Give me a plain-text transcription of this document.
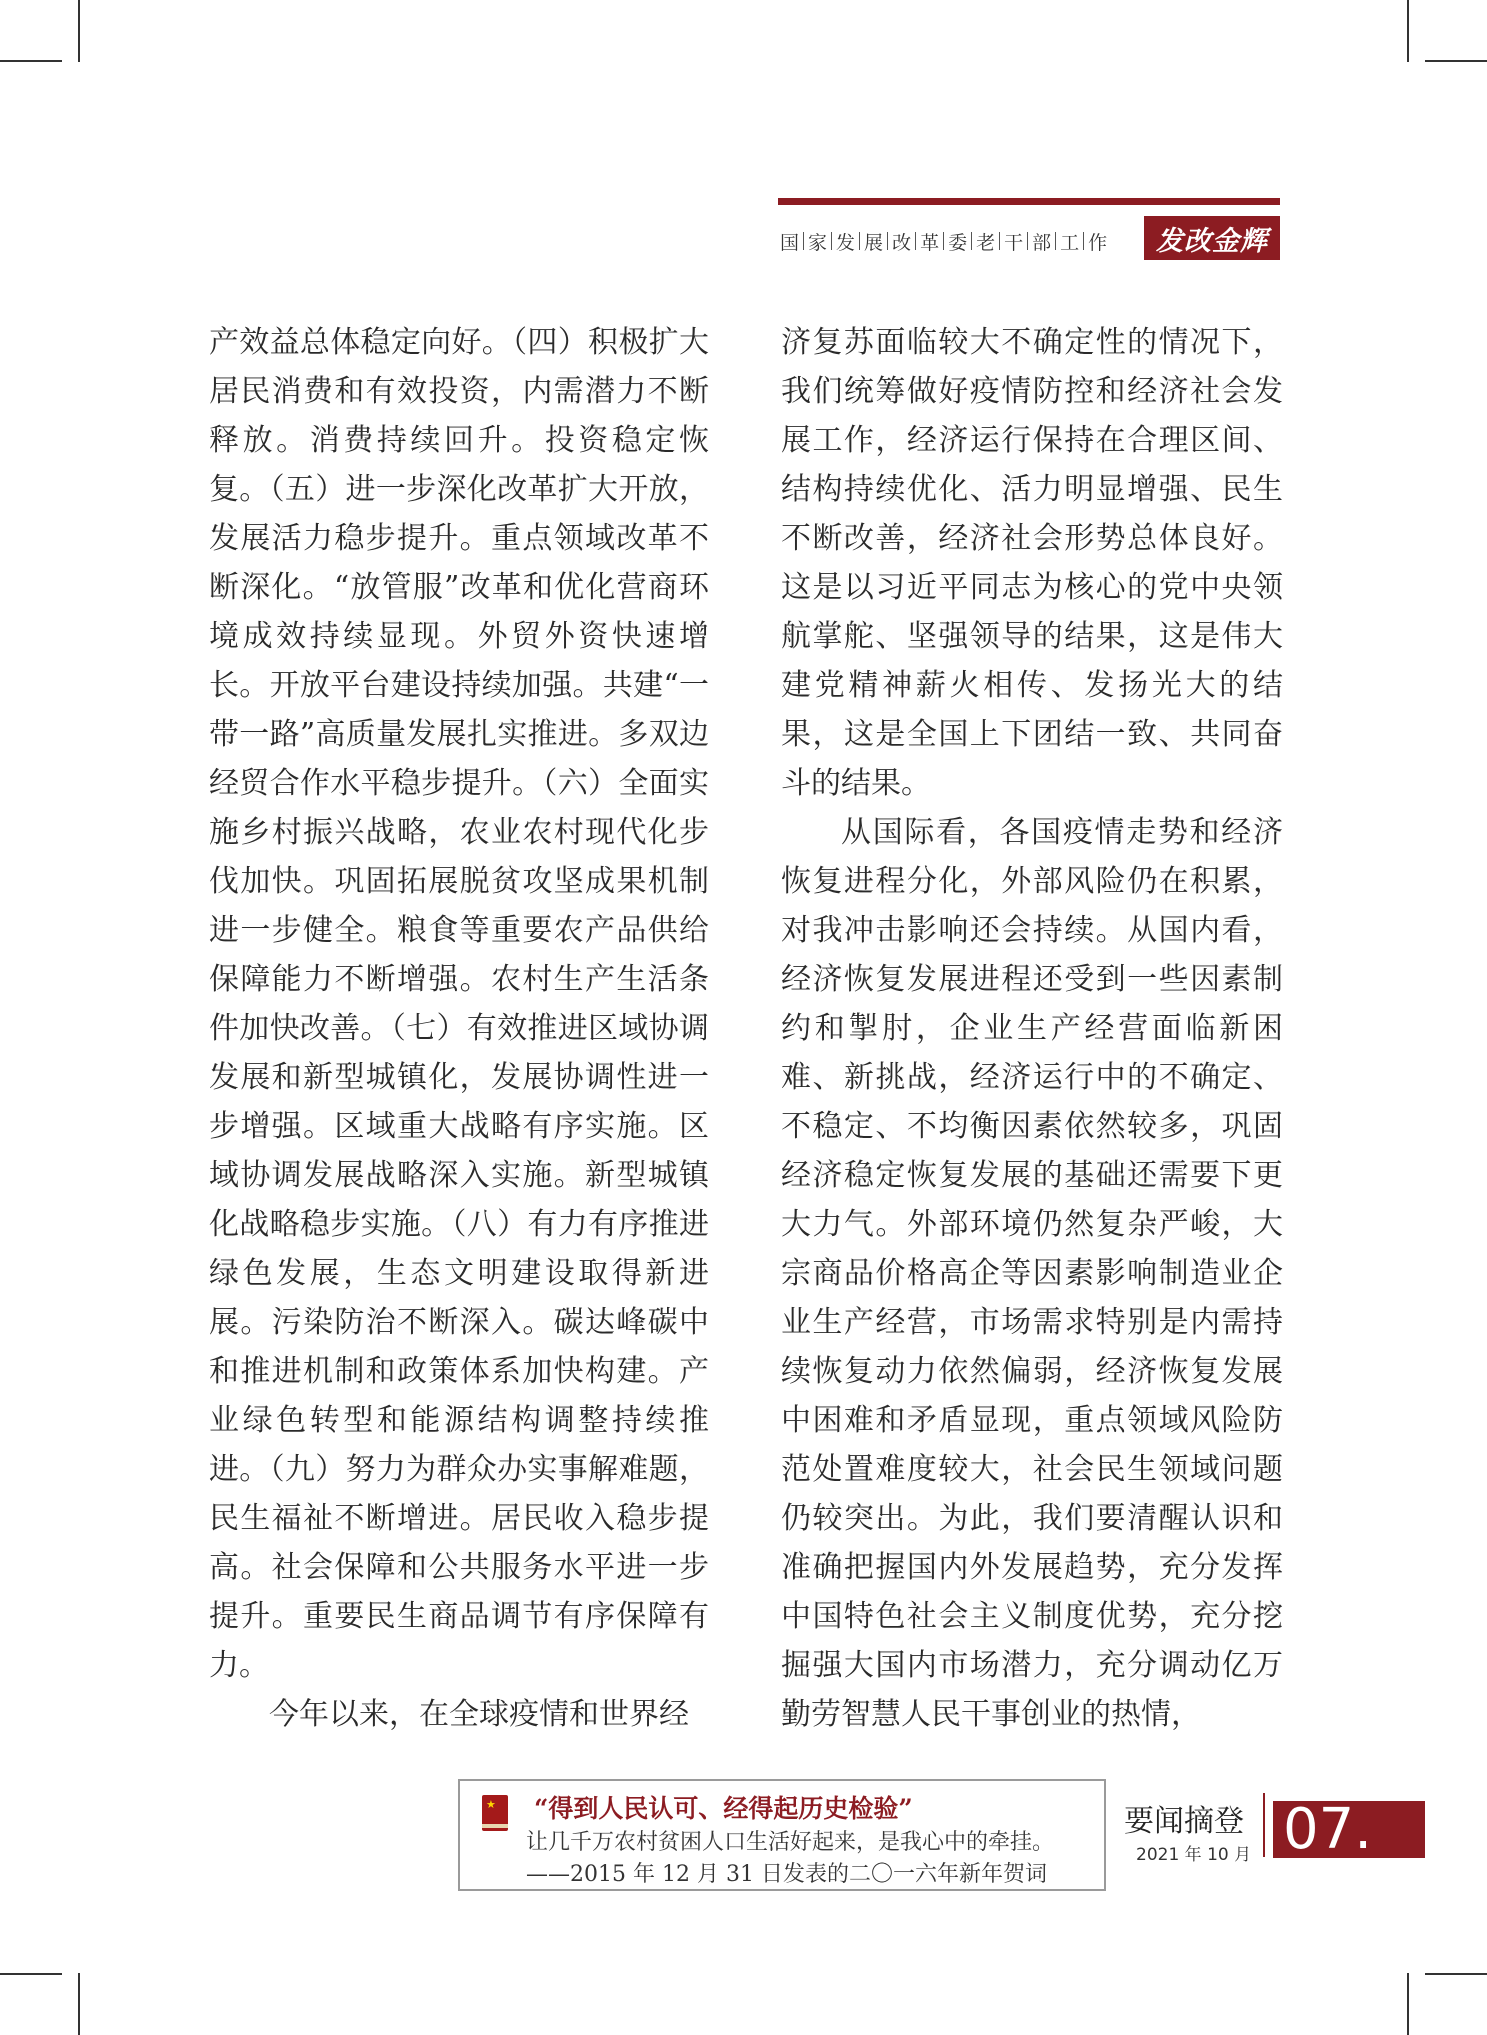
国 家 发 展 改 革 委 老 干 部 工 作	发改金辉

产效益总体稳定向好。（四）积极扩大居民消费和有效投资，内需潜力不断释放。消费持续回升。投资稳定恢复。（五）进一步深化改革扩大开放，发展活力稳步提升。重点领域改革不断深化。“放管服”改革和优化营商环境成效持续显现。外贸外资快速增长。开放平台建设持续加强。共建“一带一路”高质量发展扎实推进。多双边经贸合作水平稳步提升。（六）全面实施乡村振兴战略，农业农村现代化步伐加快。巩固拓展脱贫攻坚成果机制进一步健全。粮食等重要农产品供给保障能力不断增强。农村生产生活条件加快改善。（七）有效推进区域协调发展和新型城镇化，发展协调性进一步增强。区域重大战略有序实施。区域协调发展战略深入实施。新型城镇化战略稳步实施。（八）有力有序推进绿色发展，生态文明建设取得新进展。污染防治不断深入。碳达峰碳中和推进机制和政策体系加快构建。产业绿色转型和能源结构调整持续推进。（九）努力为群众办实事解难题，民生福祉不断增进。居民收入稳步提高。社会保障和公共服务水平进一步提升。重要民生商品调节有序保障有力。

今年以来，在全球疫情和世界经

济复苏面临较大不确定性的情况下，我们统筹做好疫情防控和经济社会发展工作，经济运行保持在合理区间、结构持续优化、活力明显增强、民生不断改善，经济社会形势总体良好。这是以习近平同志为核心的党中央领航掌舵、坚强领导的结果，这是伟大建党精神薪火相传、发扬光大的结果，这是全国上下团结一致、共同奋斗的结果。

从国际看，各国疫情走势和经济恢复进程分化，外部风险仍在积累，对我冲击影响还会持续。从国内看，经济恢复发展进程还受到一些因素制约和掣肘，企业生产经营面临新困难、新挑战，经济运行中的不确定、不稳定、不均衡因素依然较多，巩固经济稳定恢复发展的基础还需要下更大力气。外部环境仍然复杂严峻，大宗商品价格高企等因素影响制造业企业生产经营，市场需求特别是内需持续恢复动力依然偏弱，经济恢复发展中困难和矛盾显现，重点领域风险防范处置难度较大，社会民生领域问题仍较突出。为此，我们要清醒认识和准确把握国内外发展趋势，充分发挥中国特色社会主义制度优势，充分挖掘强大国内市场潜力，充分调动亿万勤劳智慧人民干事创业的热情，

★
“得到人民认可、经得起历史检验”
让几千万农村贫困人口生活好起来，是我心中的牵挂。
——2015 年 12 月 31 日发表的二〇一六年新年贺词
要闻摘登
2021 年 10 月 07.
